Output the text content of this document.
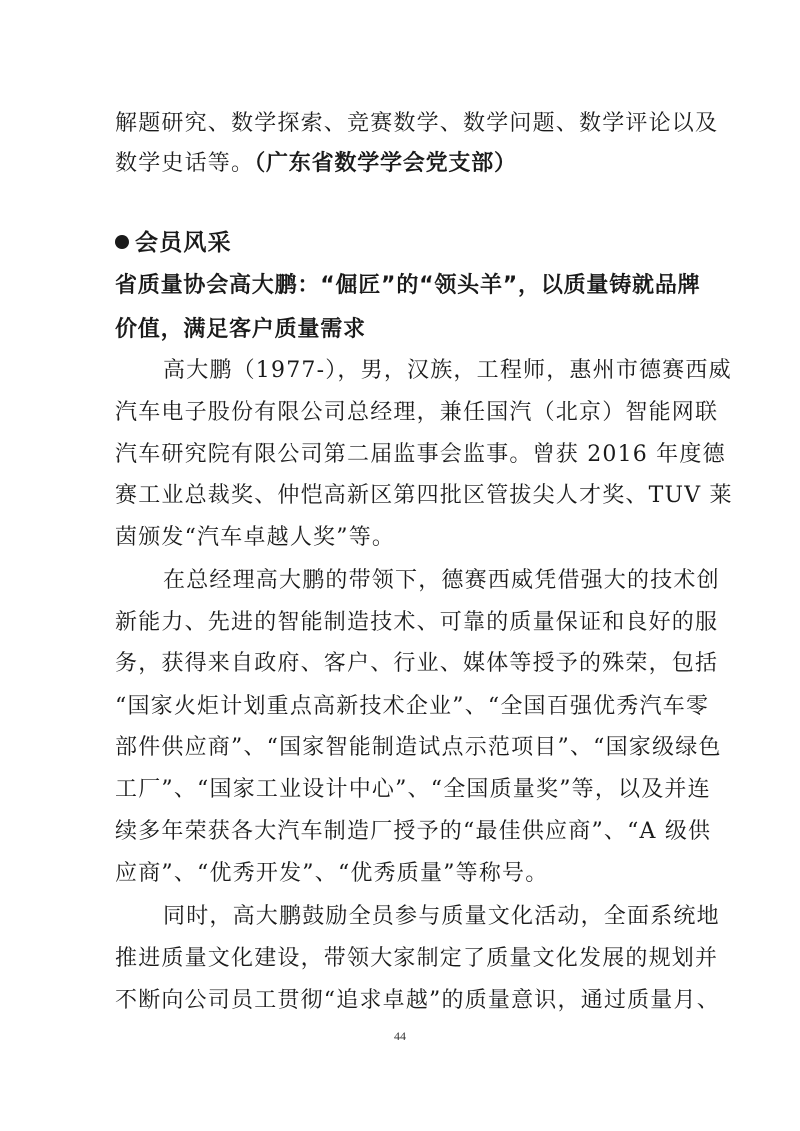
解题研究、数学探索、竞赛数学、数学问题、数学评论以及
数学史话等。（广东省数学学会党支部）
会员风采
省质量协会高大鹏：“倔匠”的“领头羊”，以质量铸就品牌
价值，满足客户质量需求
高大鹏（1977-），男，汉族，工程师，惠州市德赛西威
汽车电子股份有限公司总经理，兼任国汽（北京）智能网联
汽车研究院有限公司第二届监事会监事。曾获 2016 年度德
赛工业总裁奖、仲恺高新区第四批区管拔尖人才奖、TUV 莱
茵颁发“汽车卓越人奖”等。
在总经理高大鹏的带领下，德赛西威凭借强大的技术创
新能力、先进的智能制造技术、可靠的质量保证和良好的服
务，获得来自政府、客户、行业、媒体等授予的殊荣，包括
“国家火炬计划重点高新技术企业”、“全国百强优秀汽车零
部件供应商”、“国家智能制造试点示范项目”、“国家级绿色
工厂”、“国家工业设计中心”、“全国质量奖”等，以及并连
续多年荣获各大汽车制造厂授予的“最佳供应商”、“A 级供
应商”、“优秀开发”、“优秀质量”等称号。
同时，高大鹏鼓励全员参与质量文化活动，全面系统地
推进质量文化建设，带领大家制定了质量文化发展的规划并
不断向公司员工贯彻“追求卓越”的质量意识，通过质量月、
44
